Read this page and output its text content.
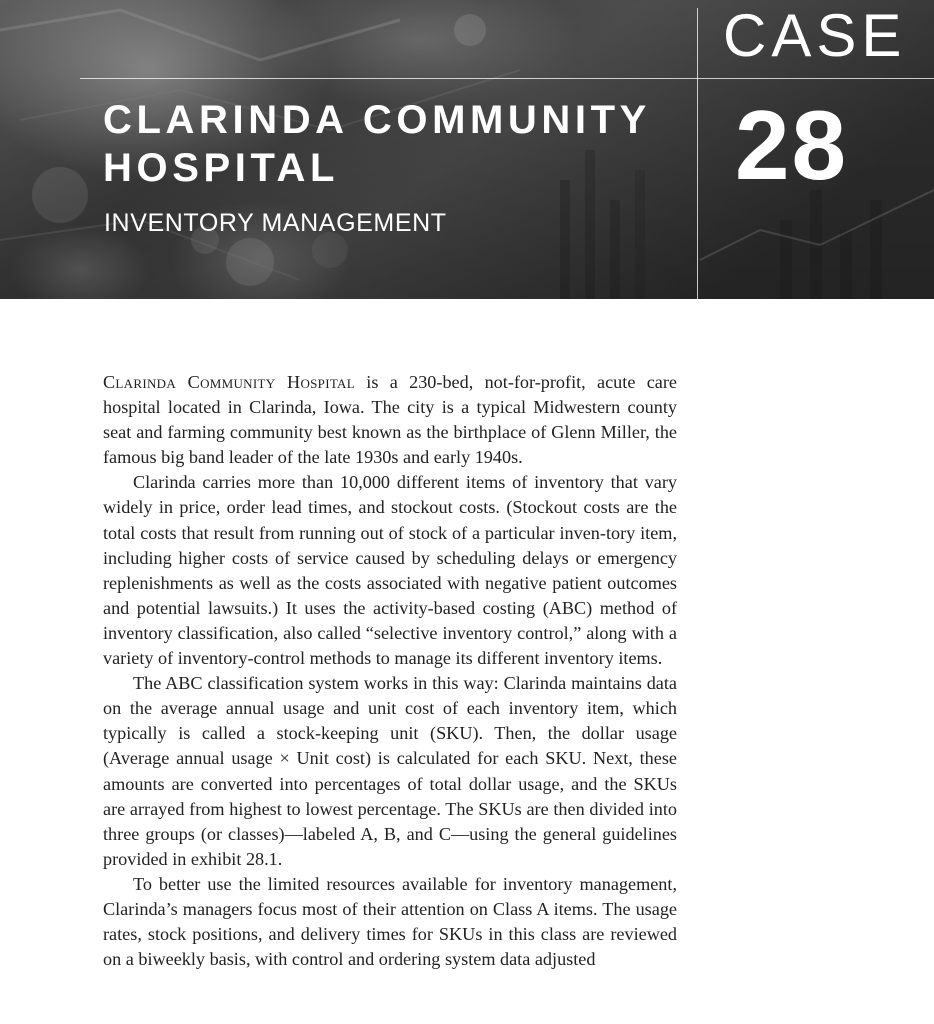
CASE
28
CLARINDA COMMUNITY
HOSPITAL
INVENTORY MANAGEMENT

Clarinda Community Hospital is a 230-bed, not-for-profit, acute care hospital located in Clarinda, Iowa. The city is a typical Midwestern county seat and farming community best known as the birthplace of Glenn Miller, the famous big band leader of the late 1930s and early 1940s.

Clarinda carries more than 10,000 different items of inventory that vary widely in price, order lead times, and stockout costs. (Stockout costs are the total costs that result from running out of stock of a particular inven-tory item, including higher costs of service caused by scheduling delays or emergency replenishments as well as the costs associated with negative patient outcomes and potential lawsuits.) It uses the activity-based costing (ABC) method of inventory classification, also called “selective inventory control,” along with a variety of inventory-control methods to manage its different inventory items.

The ABC classification system works in this way: Clarinda maintains data on the average annual usage and unit cost of each inventory item, which typically is called a stock-keeping unit (SKU). Then, the dollar usage (Average annual usage × Unit cost) is calculated for each SKU. Next, these amounts are converted into percentages of total dollar usage, and the SKUs are arrayed from highest to lowest percentage. The SKUs are then divided into three groups (or classes)—labeled A, B, and C—using the general guidelines provided in exhibit 28.1.

To better use the limited resources available for inventory management, Clarinda’s managers focus most of their attention on Class A items. The usage rates, stock positions, and delivery times for SKUs in this class are reviewed on a biweekly basis, with control and ordering system data adjusted
